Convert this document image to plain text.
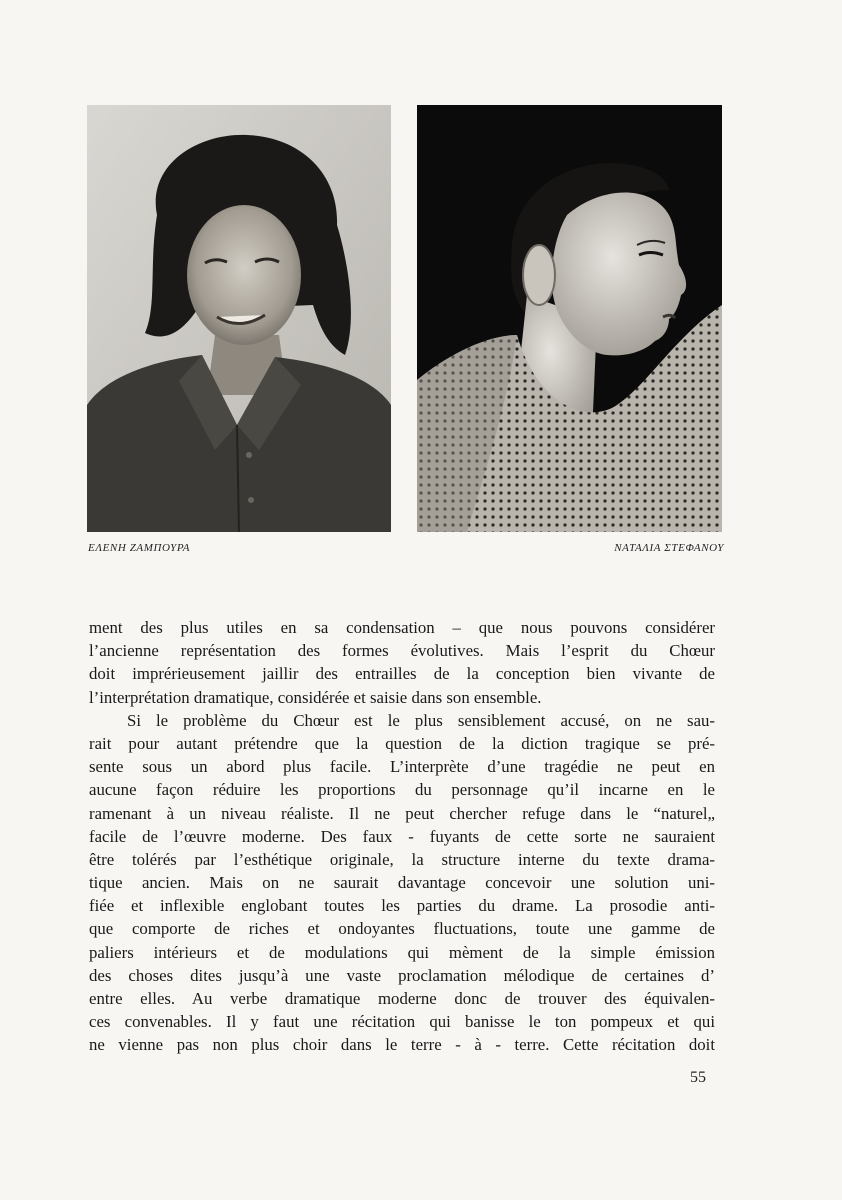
ΕΛΕΝΗ ΖΑΜΠΟΥΡΑ	ΝΑΤΑΛΙΑ ΣΤΕΦΑΝΟΥ
ment des plus utiles en sa condensation – que nous pouvons considérer
l’ancienne représentation des formes évolutives. Mais l’esprit du Chœur
doit imprérieusement jaillir des entrailles de la conception bien vivante de
l’interprétation dramatique, considérée et saisie dans son ensemble.
Si le problème du Chœur est le plus sensiblement accusé, on ne sau-
rait pour autant prétendre que la question de la diction tragique se pré-
sente sous un abord plus facile. L’interprète d’une tragédie ne peut en
aucune façon réduire les proportions du personnage qu’il incarne en le
ramenant à un niveau réaliste. Il ne peut chercher refuge dans le “naturel„
facile de l’œuvre moderne. Des faux - fuyants de cette sorte ne sauraient
être tolérés par l’esthétique originale, la structure interne du texte drama-
tique ancien. Mais on ne saurait davantage concevoir une solution uni-
fiée et inflexible englobant toutes les parties du drame. La prosodie anti-
que comporte de riches et ondoyantes fluctuations, toute une gamme de
paliers intérieurs et de modulations qui mèment de la simple émission
des choses dites jusqu’à une vaste proclamation mélodique de certaines d’
entre elles. Au verbe dramatique moderne donc de trouver des équivalen-
ces convenables. Il y faut une récitation qui banisse le ton pompeux et qui
ne vienne pas non plus choir dans le terre - à - terre. Cette récitation doit
55
